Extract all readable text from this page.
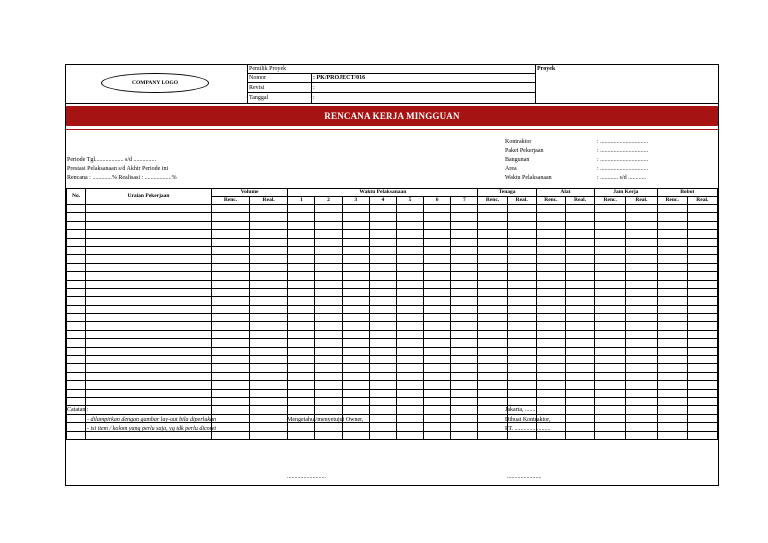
COMPANY LOGO
Pemilik Proyek	Proyek
Nomor	: PK/PROJECT/016
Revisi	:
Tanggal	:
RENCANA KERJA MINGGUAN
Periode Tgl................... s/d ...............
Prestasi Pelaksanaan s/d Akhir Periode ini
Rencana : .............% Realisasi : ..................%
Kontraktor	: ................................
Paket Pekerjaan	: ................................
Bangunan	: ................................
Area	: ................................
Waktu Pelaksanaan	: ............ s/d ............
No.	Uraian Pekerjaan	Volume		Waktu Pelaksanaan							Tenaga		Alat		Jam Kerja		Bobot	
		Renc.	Real.	1	2	3	4	5	6	7	Renc.	Real.	Renc.	Real.	Renc.	Real.	Renc.	Real.

Catatan :
- dilampirkan dengan gambar lay-out bila diperlukan
- isi item / kolom yang perlu saja, yg tdk perlu dicoret
Mengetahui/menyetujui Owner,
Jakarta, .......
Dibuat Kontraktor,
PT. ........................
..........................	.......................
